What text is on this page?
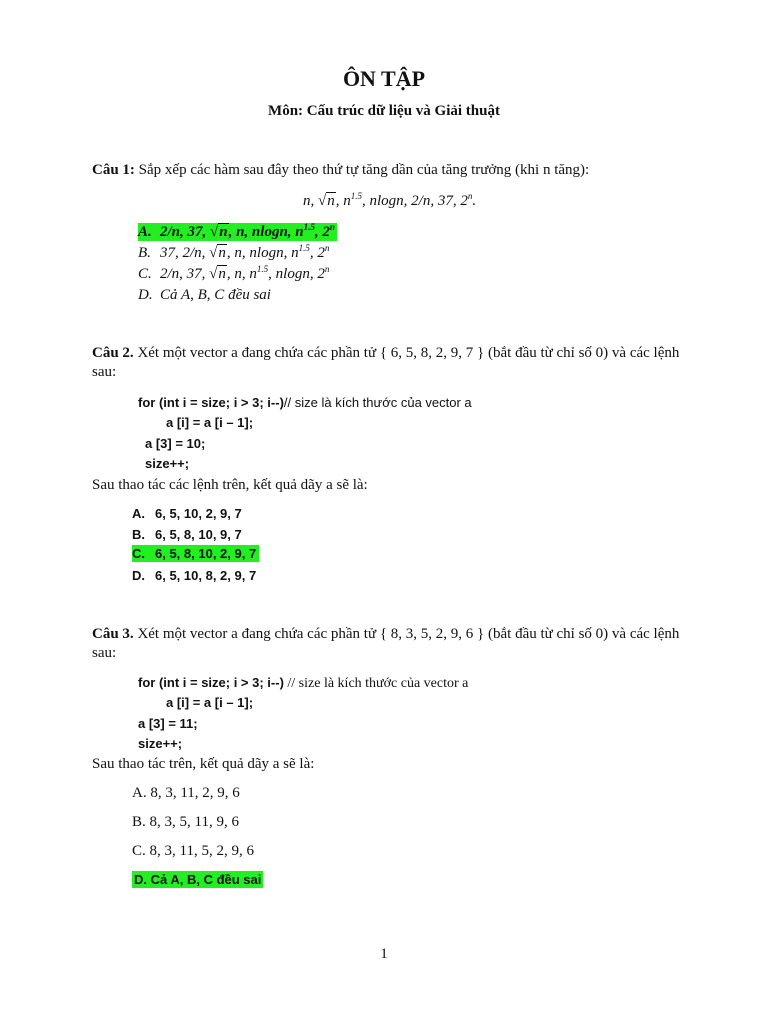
ÔN TẬP
Môn: Cấu trúc dữ liệu và Giải thuật
Câu 1: Sắp xếp các hàm sau đây theo thứ tự tăng dần của tăng trưởng (khi n tăng):
n, √n, $n^{1.5}$, nlogn, 2/n, 37, 2$^n$.
A. 2/n, 37, √n, n, nlogn, $n^{1.5}$, 2$^n$
B. 37, 2/n, √n, n, nlogn, $n^{1.5}$, 2$^n$
C. 2/n, 37, √n, n, $n^{1.5}$, nlogn, 2$^n$
D. Cả A, B, C đều sai
Câu 2. Xét một vector a đang chứa các phần tử { 6, 5, 8, 2, 9, 7 } (bắt đầu từ chỉ số 0) và các lệnh
sau:
for (int i = size; i > 3; i--)// size là kích thước của vector a
a [i] = a [i – 1];
a [3] = 10;
size++;
Sau thao tác các lệnh trên, kết quả dãy a sẽ là:
A. 6, 5, 10, 2, 9, 7
B. 6, 5, 8, 10, 9, 7
C. 6, 5, 8, 10, 2, 9, 7
D. 6, 5, 10, 8, 2, 9, 7
Câu 3. Xét một vector a đang chứa các phần tử { 8, 3, 5, 2, 9, 6 } (bắt đầu từ chỉ số 0) và các lệnh
sau:
for (int i = size; i > 3; i--) // size là kích thước của vector a
a [i] = a [i – 1];
a [3] = 11;
size++;
Sau thao tác trên, kết quả dãy a sẽ là:
A. 8, 3, 11, 2, 9, 6
B. 8, 3, 5, 11, 9, 6
C. 8, 3, 11, 5, 2, 9, 6
D. Cả A, B, C đều sai
1
